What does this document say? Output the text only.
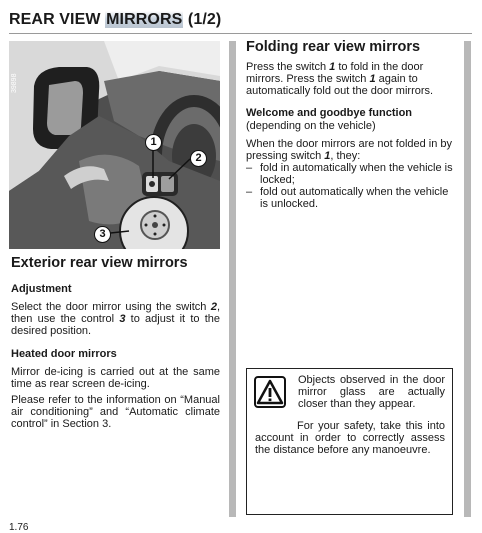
REAR VIEW MIRRORS (1/2)
39898
1
2
3
Exterior rear view mirrors
Adjustment

Select the door mirror using the switch 2, then use the control 3 to adjust it to the desired position.

Heated door mirrors

Mirror de-icing is carried out at the same time as rear screen de-icing.

Please refer to the information on “Manual air conditioning” and “Automatic climate control” in Section 3.

Folding rear view mirrors

Press the switch 1 to fold in the door mirrors. Press the switch 1 again to automatically fold out the door mirrors.

Welcome and goodbye function

(depending on the vehicle)

When the door mirrors are not folded in by pressing switch 1, they:

– fold in automatically when the vehicle is locked;
– fold out automatically when the vehicle is unlocked.

Objects observed in the door mirror glass are actually closer than they appear.

For your safety, take this into account in order to correctly assess the distance before any manoeuvre.

1.76
